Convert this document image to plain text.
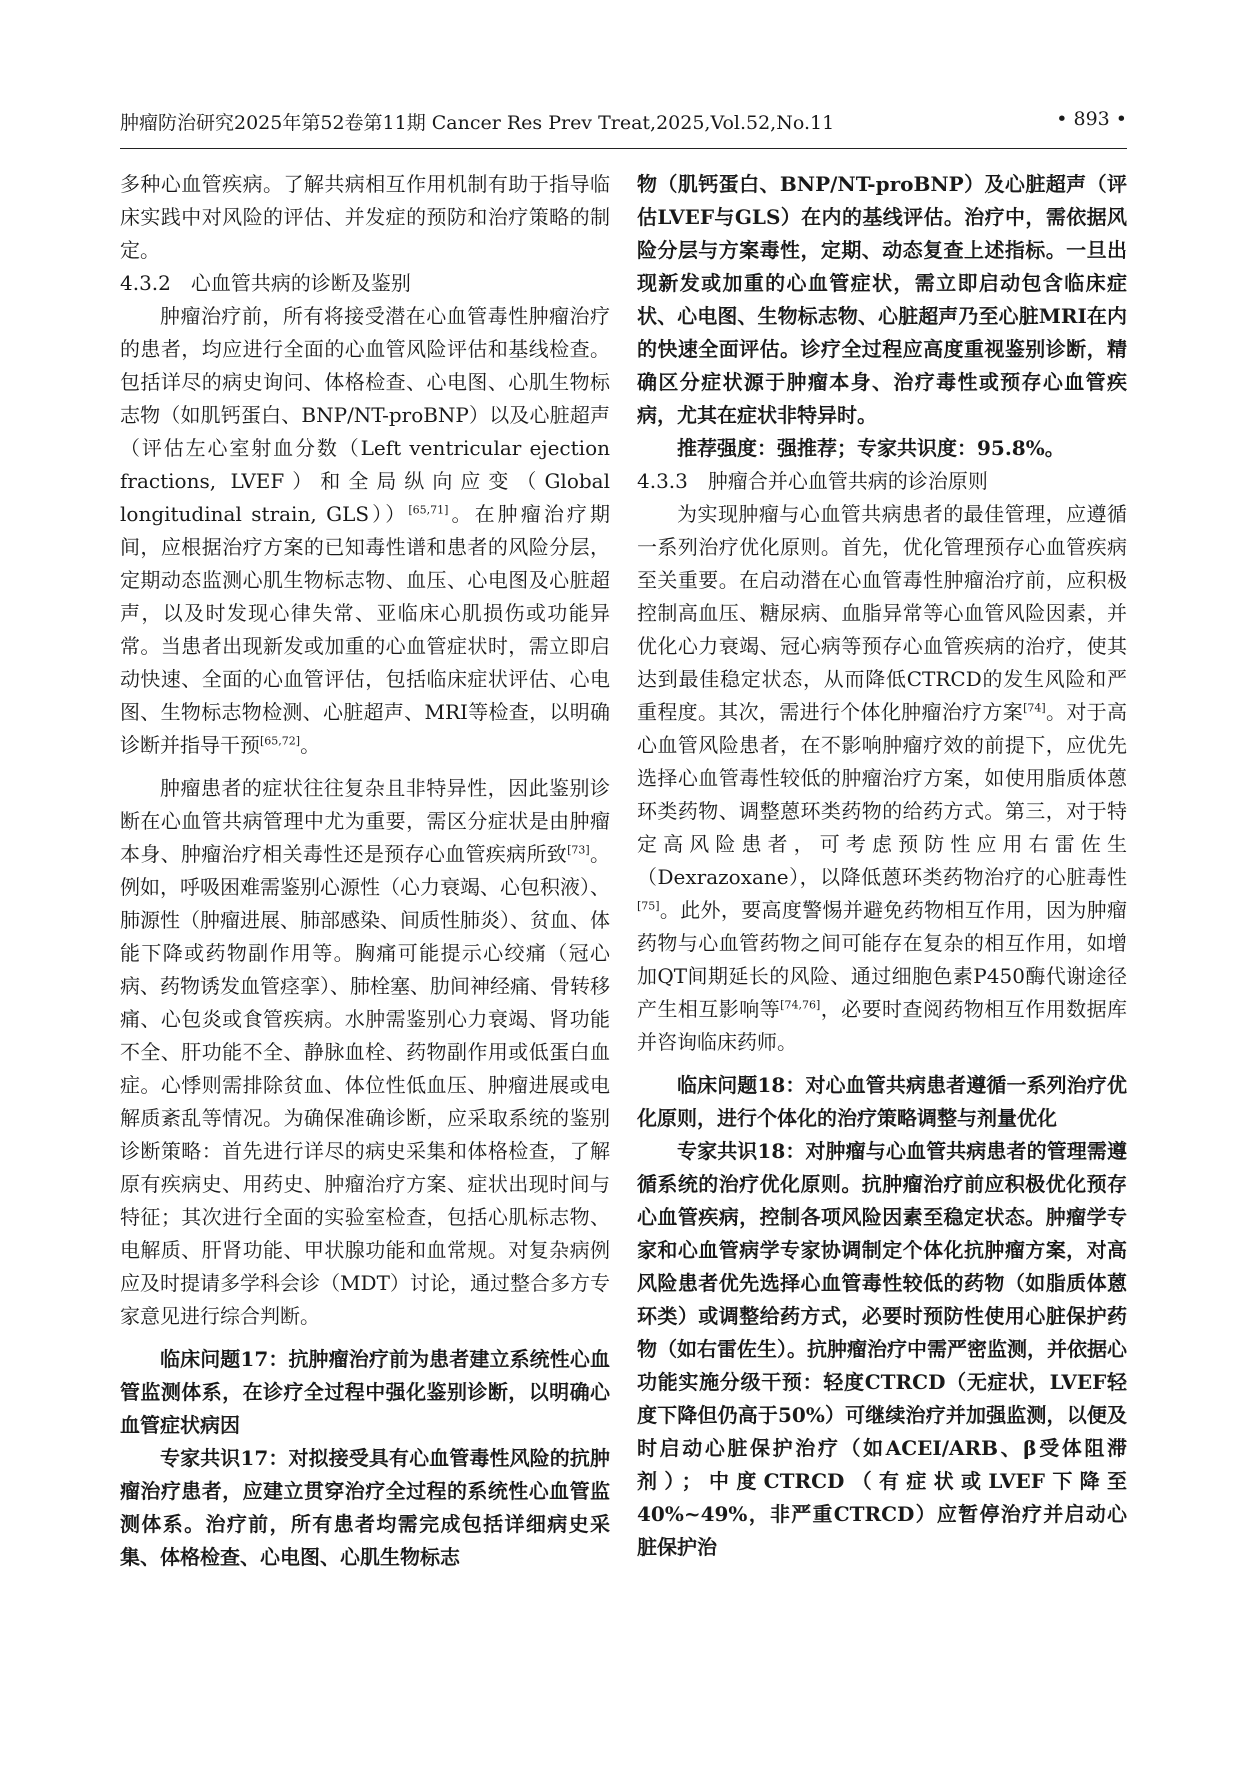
肿瘤防治研究2025年第52卷第11期 Cancer Res Prev Treat,2025,Vol.52,No.11	• 893 •

多种心血管疾病。了解共病相互作用机制有助于指导临床实践中对风险的评估、并发症的预防和治疗策略的制定。

4.3.2　心血管共病的诊断及鉴别

肿瘤治疗前，所有将接受潜在心血管毒性肿瘤治疗的患者，均应进行全面的心血管风险评估和基线检查。包括详尽的病史询问、体格检查、心电图、心肌生物标志物（如肌钙蛋白、BNP/NT-proBNP）以及心脏超声（评估左心室射血分数（Left ventricular ejection fractions, LVEF）和全局纵向应变（Global longitudinal strain, GLS））[65,71]。在肿瘤治疗期间，应根据治疗方案的已知毒性谱和患者的风险分层，定期动态监测心肌生物标志物、血压、心电图及心脏超声，以及时发现心律失常、亚临床心肌损伤或功能异常。当患者出现新发或加重的心血管症状时，需立即启动快速、全面的心血管评估，包括临床症状评估、心电图、生物标志物检测、心脏超声、MRI等检查，以明确诊断并指导干预[65,72]。

肿瘤患者的症状往往复杂且非特异性，因此鉴别诊断在心血管共病管理中尤为重要，需区分症状是由肿瘤本身、肿瘤治疗相关毒性还是预存心血管疾病所致[73]。例如，呼吸困难需鉴别心源性（心力衰竭、心包积液）、肺源性（肿瘤进展、肺部感染、间质性肺炎）、贫血、体能下降或药物副作用等。胸痛可能提示心绞痛（冠心病、药物诱发血管痉挛）、肺栓塞、肋间神经痛、骨转移痛、心包炎或食管疾病。水肿需鉴别心力衰竭、肾功能不全、肝功能不全、静脉血栓、药物副作用或低蛋白血症。心悸则需排除贫血、体位性低血压、肿瘤进展或电解质紊乱等情况。为确保准确诊断，应采取系统的鉴别诊断策略：首先进行详尽的病史采集和体格检查，了解原有疾病史、用药史、肿瘤治疗方案、症状出现时间与特征；其次进行全面的实验室检查，包括心肌标志物、电解质、肝肾功能、甲状腺功能和血常规。对复杂病例应及时提请多学科会诊（MDT）讨论，通过整合多方专家意见进行综合判断。

临床问题17：抗肿瘤治疗前为患者建立系统性心血管监测体系，在诊疗全过程中强化鉴别诊断，以明确心血管症状病因

专家共识17：对拟接受具有心血管毒性风险的抗肿瘤治疗患者，应建立贯穿治疗全过程的系统性心血管监测体系。治疗前，所有患者均需完成包括详细病史采集、体格检查、心电图、心肌生物标志

物（肌钙蛋白、BNP/NT-proBNP）及心脏超声（评估LVEF与GLS）在内的基线评估。治疗中，需依据风险分层与方案毒性，定期、动态复查上述指标。一旦出现新发或加重的心血管症状，需立即启动包含临床症状、心电图、生物标志物、心脏超声乃至心脏MRI在内的快速全面评估。诊疗全过程应高度重视鉴别诊断，精确区分症状源于肿瘤本身、治疗毒性或预存心血管疾病，尤其在症状非特异时。

推荐强度：强推荐；专家共识度：95.8%。

4.3.3　肿瘤合并心血管共病的诊治原则

为实现肿瘤与心血管共病患者的最佳管理，应遵循一系列治疗优化原则。首先，优化管理预存心血管疾病至关重要。在启动潜在心血管毒性肿瘤治疗前，应积极控制高血压、糖尿病、血脂异常等心血管风险因素，并优化心力衰竭、冠心病等预存心血管疾病的治疗，使其达到最佳稳定状态，从而降低CTRCD的发生风险和严重程度。其次，需进行个体化肿瘤治疗方案[74]。对于高心血管风险患者，在不影响肿瘤疗效的前提下，应优先选择心血管毒性较低的肿瘤治疗方案，如使用脂质体蒽环类药物、调整蒽环类药物的给药方式。第三，对于特定高风险患者，可考虑预防性应用右雷佐生（Dexrazoxane），以降低蒽环类药物治疗的心脏毒性[75]。此外，要高度警惕并避免药物相互作用，因为肿瘤药物与心血管药物之间可能存在复杂的相互作用，如增加QT间期延长的风险、通过细胞色素P450酶代谢途径产生相互影响等[74,76]，必要时查阅药物相互作用数据库并咨询临床药师。

临床问题18：对心血管共病患者遵循一系列治疗优化原则，进行个体化的治疗策略调整与剂量优化

专家共识18：对肿瘤与心血管共病患者的管理需遵循系统的治疗优化原则。抗肿瘤治疗前应积极优化预存心血管疾病，控制各项风险因素至稳定状态。肿瘤学专家和心血管病学专家协调制定个体化抗肿瘤方案，对高风险患者优先选择心血管毒性较低的药物（如脂质体蒽环类）或调整给药方式，必要时预防性使用心脏保护药物（如右雷佐生）。抗肿瘤治疗中需严密监测，并依据心功能实施分级干预：轻度CTRCD（无症状，LVEF轻度下降但仍高于50%）可继续治疗并加强监测，以便及时启动心脏保护治疗（如ACEI/ARB、β受体阻滞剂）；中度CTRCD（有症状或LVEF下降至40%~49%，非严重CTRCD）应暂停治疗并启动心脏保护治
